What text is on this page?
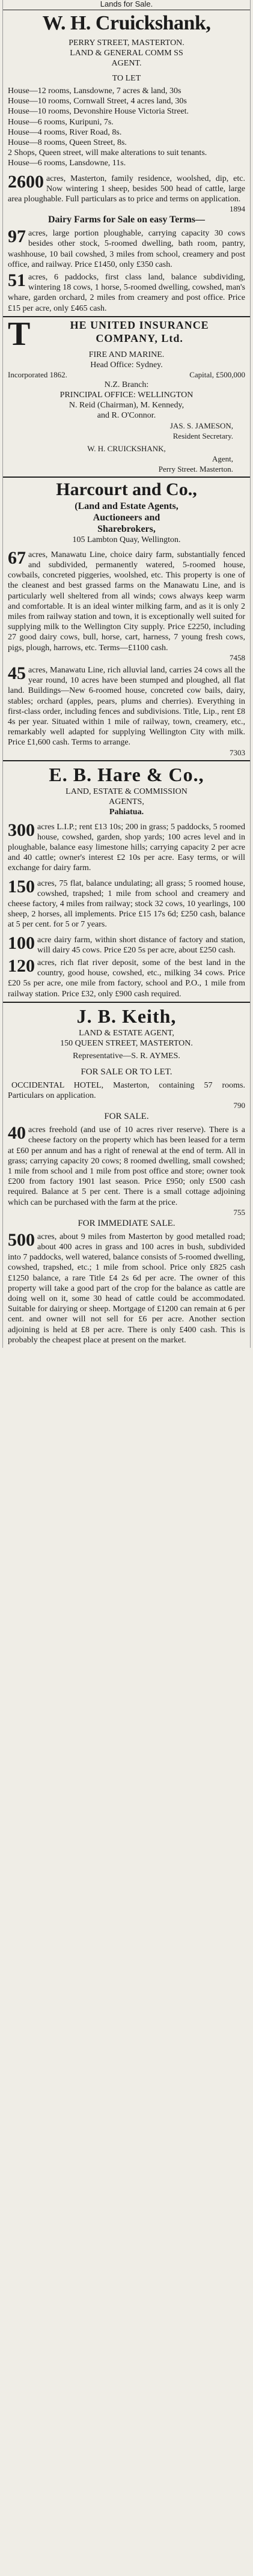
Lands for Sale.
W. H. Cruickshank,
PERRY STREET, MASTERTON.
LAND & GENERAL COMM SS
AGENT.
TO LET

House—12 rooms, Lansdowne, 7 acres & land, 30s

House—10 rooms, Cornwall Street, 4 acres land, 30s

House—10 rooms, Devonshire House Victoria Street.

House—6 rooms, Kuripuni, 7s.

House—4 rooms, River Road, 8s.

House—8 rooms, Queen Street, 8s.

2 Shops, Queen street, will make alterations to suit tenants.

House—6 rooms, Lansdowne, 11s.

2600 acres, Masterton, family residence, woolshed, dip, etc. Now wintering 1 sheep, besides 500 head of cattle, large area ploughable. Full particulars as to price and terms on application.

1894
Dairy Farms for Sale on easy Terms—

97 acres, large portion ploughable, carrying capacity 30 cows besides other stock, 5-roomed dwelling, bath room, pantry, washhouse, 10 bail cowshed, 3 miles from school, creamery and post office, and railway. Price £1450, only £350 cash.

51 acres, 6 paddocks, first class land, balance subdividing, wintering 18 cows, 1 horse, 5-roomed dwelling, cowshed, man's whare, garden orchard, 2 miles from creamery and post office. Price £15 per acre, only £465 cash.

T	HE UNITED INSURANCE
COMPANY, Ltd.
FIRE AND MARINE.
Head Office: Sydney.
Incorporated 1862.	Capital, £500,000
N.Z. Branch:
PRINCIPAL OFFICE: WELLINGTON
N. Reid (Chairman), M. Kennedy,
and R. O'Connor.
JAS. S. JAMESON,
Resident Secretary.
W. H. CRUICKSHANK,
Agent,
Perry Street. Masterton.
Harcourt and Co.,
(Land and Estate Agents,
Auctioneers and
Sharebrokers,
105 Lambton Quay, Wellington.

67 acres, Manawatu Line, choice dairy farm, substantially fenced and subdivided, permanently watered, 5-roomed house, cowbails, concreted piggeries, woolshed, etc. This property is one of the cleanest and best grassed farms on the Manawatu Line, and is particularly well sheltered from all winds; cows always keep warm and comfortable. It is an ideal winter milking farm, and as it is only 2 miles from railway station and town, it is exceptionally well suited for supplying milk to the Wellington City supply. Price £2250, including 27 good dairy cows, bull, horse, cart, harness, 7 young fresh cows, pigs, plough, harrows, etc. Terms—£1100 cash.

7458

45 acres, Manawatu Line, rich alluvial land, carries 24 cows all the year round, 10 acres have been stumped and ploughed, all flat land. Buildings—New 6-roomed house, concreted cow bails, dairy, stables; orchard (apples, pears, plums and cherries). Everything in first-class order, including fences and subdivisions. Title, Lip., rent £8 4s per year. Situated within 1 mile of railway, town, creamery, etc., remarkably well adapted for supplying Wellington City with milk. Price £1,600 cash. Terms to arrange.

7303
E. B. Hare & Co.,
LAND, ESTATE & COMMISSION
AGENTS,
Pahiatua.

300 acres L.I.P.; rent £13 10s; 200 in grass; 5 paddocks, 5 roomed house, cowshed, garden, shop yards; 100 acres level and in ploughable, balance easy limestone hills; carrying capacity 2 per acre and 40 cattle; owner's interest £2 10s per acre. Easy terms, or will exchange for dairy farm.

150 acres, 75 flat, balance undulating; all grass; 5 roomed house, cowshed, trapshed; 1 mile from school and creamery and cheese factory, 4 miles from railway; stock 32 cows, 10 yearlings, 100 sheep, 2 horses, all implements. Price £15 17s 6d; £250 cash, balance at 5 per cent. for 5 or 7 years.

100 acre dairy farm, within short distance of factory and station, will dairy 45 cows. Price £20 5s per acre, about £250 cash.

120 acres, rich flat river deposit, some of the best land in the country, good house, cowshed, etc., milking 34 cows. Price £20 5s per acre, one mile from factory, school and P.O., 1 mile from railway station. Price £32, only £900 cash required.

J. B. Keith,
LAND & ESTATE AGENT,
150 QUEEN STREET, MASTERTON.
Representative—S. R. AYMES.
FOR SALE OR TO LET.

OCCIDENTAL HOTEL, Masterton, containing 57 rooms. Particulars on application.

790
FOR SALE.

40 acres freehold (and use of 10 acres river reserve). There is a cheese factory on the property which has been leased for a term at £60 per annum and has a right of renewal at the end of term. All in grass; carrying capacity 20 cows; 8 roomed dwelling, small cowshed; 1 mile from school and 1 mile from post office and store; owner took £200 from factory 1901 last season. Price £950; only £500 cash required. Balance at 5 per cent. There is a small cottage adjoining which can be purchased with the farm at the price.

755
FOR IMMEDIATE SALE.

500 acres, about 9 miles from Masterton by good metalled road; about 400 acres in grass and 100 acres in bush, subdivided into 7 paddocks, well watered, balance consists of 5-roomed dwelling, cowshed, trapshed, etc.; 1 mile from school. Price only £825 cash £1250 balance, a rare Title £4 2s 6d per acre. The owner of this property will take a good part of the crop for the balance as cattle are doing well on it, some 30 head of cattle could be accommodated. Suitable for dairying or sheep. Mortgage of £1200 can remain at 6 per cent. and owner will not sell for £6 per acre. Another section adjoining is held at £8 per acre. There is only £400 cash. This is probably the cheapest place at present on the market.
